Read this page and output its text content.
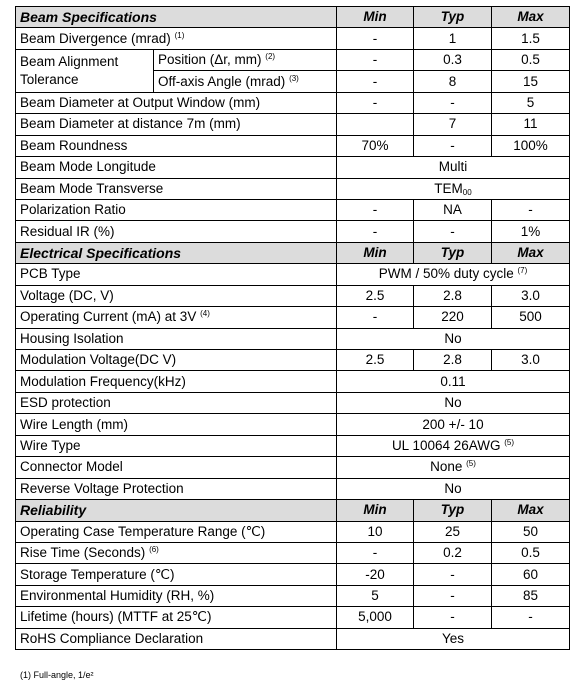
Beam Specifications		Min	Typ	Max
Beam Divergence (mrad) $^{(1)}$		-	1	1.5
Beam Alignment Tolerance	Position (Δr, mm) $^{(2)}$	-	0.3	0.5
	Off-axis Angle (mrad) $^{(3)}$	-	8	15
Beam Diameter at Output Window (mm)		-	-	5
Beam Diameter at distance 7m (mm)			7	11
Beam Roundness		70%	-	100%
Beam Mode Longitude		Multi		
Beam Mode Transverse		$TEM_{00}$
Polarization Ratio		-	NA	-
Residual IR (%)		-	-	1%
Electrical Specifications		Min	Typ	Max
PCB Type		PWM / 50% duty cycle $^{(7)}$
Voltage (DC, V)		2.5	2.8	3.0
Operating Current (mA) at 3V $^{(4)}$		-	220	500
Housing Isolation		No		
Modulation Voltage(DC V)		2.5	2.8	3.0
Modulation Frequency(kHz)		0.11		
ESD protection		No		
Wire Length (mm)		200 +/- 10		
Wire Type		UL 10064 26AWG $^{(5)}$
Connector Model		None $^{(5)}$
Reverse Voltage Protection		No		
Reliability		Min	Typ	Max
Operating Case Temperature Range (℃)		10	25	50
Rise Time (Seconds) $^{(6)}$		-	0.2	0.5
Storage Temperature (℃)		-20	-	60
Environmental Humidity (RH, %)		5	-	85
Lifetime (hours) (MTTF at 25℃)		5,000	-	-
RoHS Compliance Declaration		Yes		
(1) Full-angle, 1/e²
